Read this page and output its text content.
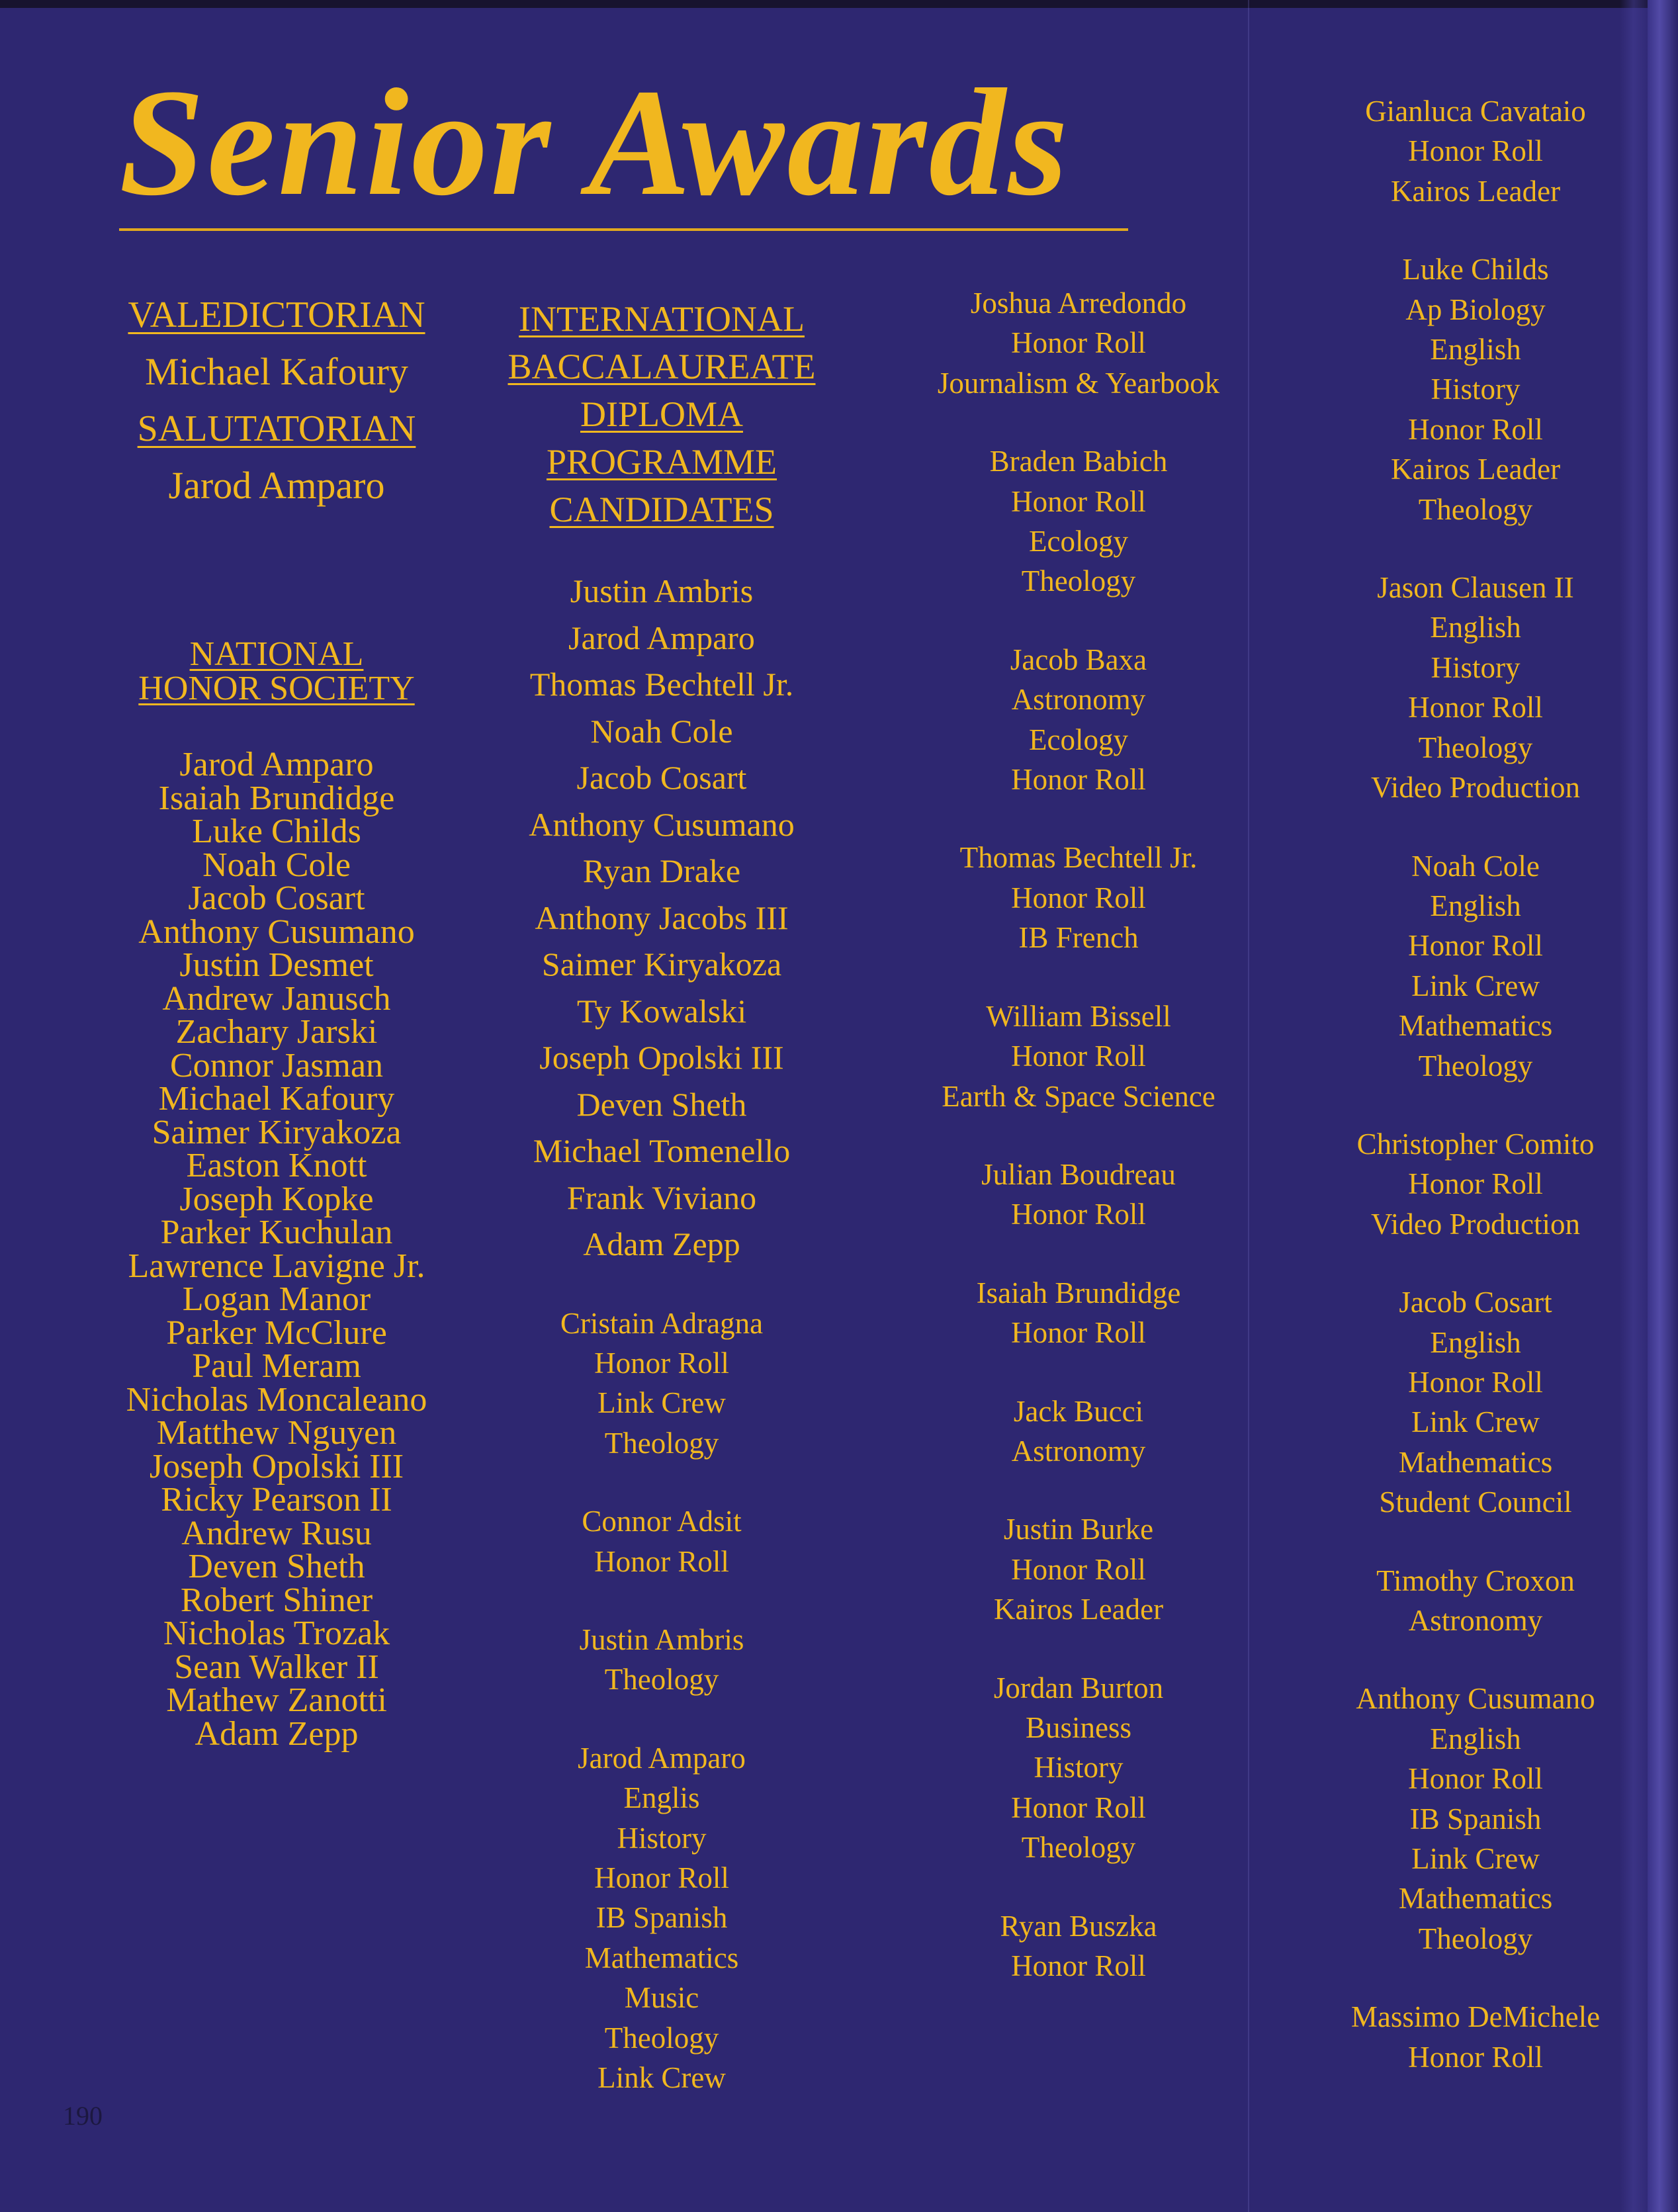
Senior Awards
VALEDICTORIAN
Michael Kafoury
SALUTATORIAN
Jarod Amparo
NATIONAL
HONOR SOCIETY
Jarod Amparo
Isaiah Brundidge
Luke Childs
Noah Cole
Jacob Cosart
Anthony Cusumano
Justin Desmet
Andrew Janusch
Zachary Jarski
Connor Jasman
Michael Kafoury
Saimer Kiryakoza
Easton Knott
Joseph Kopke
Parker Kuchulan
Lawrence Lavigne Jr.
Logan Manor
Parker McClure
Paul Meram
Nicholas Moncaleano
Matthew Nguyen
Joseph Opolski III
Ricky Pearson II
Andrew Rusu
Deven Sheth
Robert Shiner
Nicholas Trozak
Sean Walker II
Mathew Zanotti
Adam Zepp
INTERNATIONAL
BACCALAUREATE
DIPLOMA
PROGRAMME
CANDIDATES
Justin Ambris
Jarod Amparo
Thomas Bechtell Jr.
Noah Cole
Jacob Cosart
Anthony Cusumano
Ryan Drake
Anthony Jacobs III
Saimer Kiryakoza
Ty Kowalski
Joseph Opolski III
Deven Sheth
Michael Tomenello
Frank Viviano
Adam Zepp
Cristain Adragna
Honor Roll
Link Crew
Theology
Connor Adsit
Honor Roll
Justin Ambris
Theology
Jarod Amparo
Englis
History
Honor Roll
IB Spanish
Mathematics
Music
Theology
Link Crew
Joshua Arredondo
Honor Roll
Journalism & Yearbook
Braden Babich
Honor Roll
Ecology
Theology
Jacob Baxa
Astronomy
Ecology
Honor Roll
Thomas Bechtell Jr.
Honor Roll
IB French
William Bissell
Honor Roll
Earth & Space Science
Julian Boudreau
Honor Roll
Isaiah Brundidge
Honor Roll
Jack Bucci
Astronomy
Justin Burke
Honor Roll
Kairos Leader
Jordan Burton
Business
History
Honor Roll
Theology
Ryan Buszka
Honor Roll
Gianluca Cavataio
Honor Roll
Kairos Leader
Luke Childs
Ap Biology
English
History
Honor Roll
Kairos Leader
Theology
Jason Clausen II
English
History
Honor Roll
Theology
Video Production
Noah Cole
English
Honor Roll
Link Crew
Mathematics
Theology
Christopher Comito
Honor Roll
Video Production
Jacob Cosart
English
Honor Roll
Link Crew
Mathematics
Student Council
Timothy Croxon
Astronomy
Anthony Cusumano
English
Honor Roll
IB Spanish
Link Crew
Mathematics
Theology
Massimo DeMichele
Honor Roll
190
